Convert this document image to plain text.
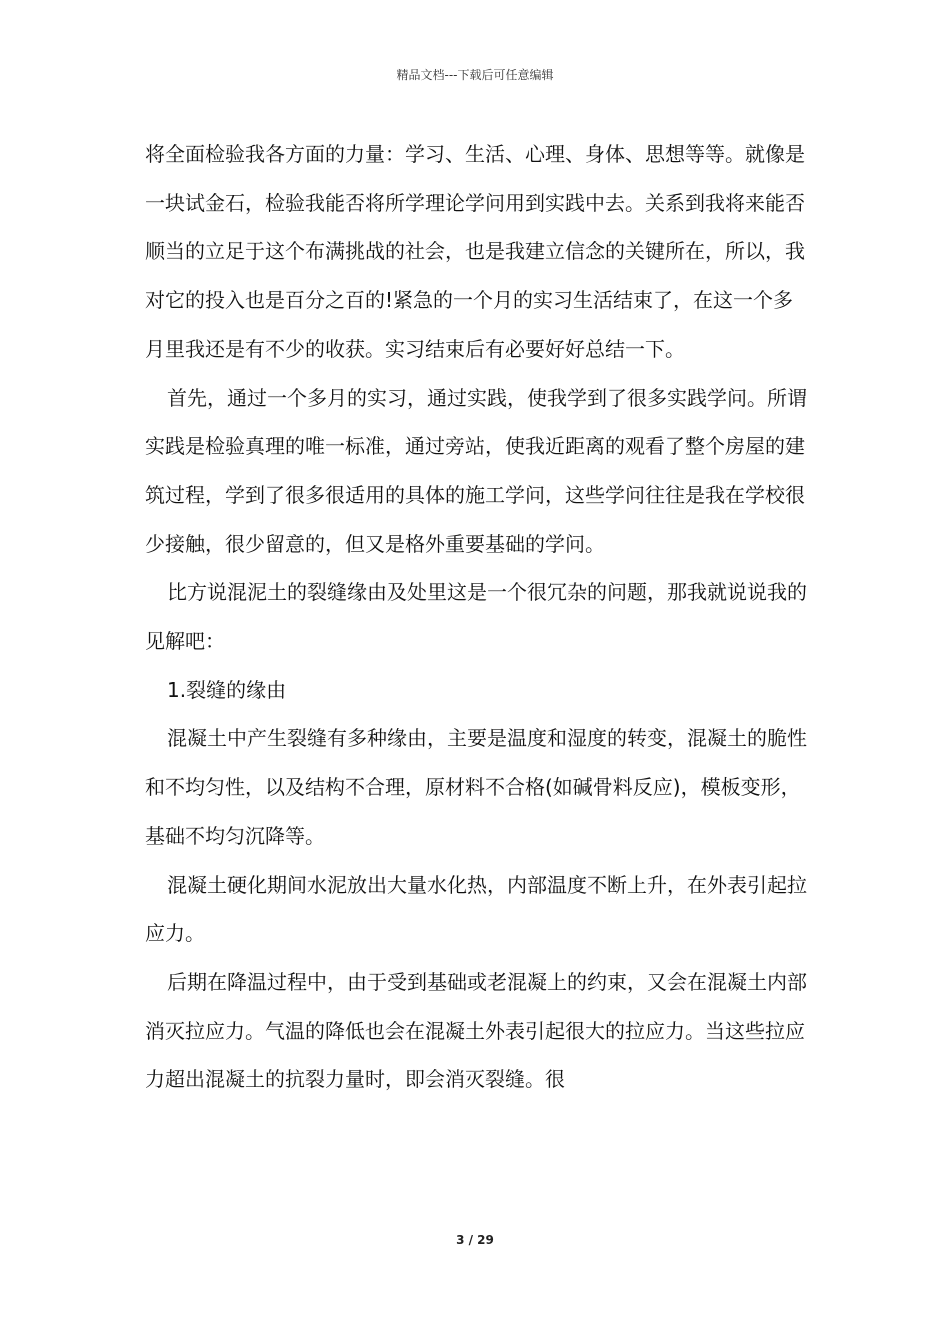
精品文档---下载后可任意编辑

将全面检验我各方面的力量：学习、生活、心理、身体、思想等等。就像是一块试金石，检验我能否将所学理论学问用到实践中去。关系到我将来能否顺当的立足于这个布满挑战的社会，也是我建立信念的关键所在，所以，我对它的投入也是百分之百的!紧急的一个月的实习生活结束了，在这一个多月里我还是有不少的收获。实习结束后有必要好好总结一下。

首先，通过一个多月的实习，通过实践，使我学到了很多实践学问。所谓实践是检验真理的唯一标准，通过旁站，使我近距离的观看了整个房屋的建筑过程，学到了很多很适用的具体的施工学问，这些学问往往是我在学校很少接触，很少留意的，但又是格外重要基础的学问。

比方说混泥土的裂缝缘由及处里这是一个很冗杂的问题，那我就说说我的见解吧：

1.裂缝的缘由

混凝土中产生裂缝有多种缘由，主要是温度和湿度的转变，混凝土的脆性和不均匀性，以及结构不合理，原材料不合格(如碱骨料反应)，模板变形，基础不均匀沉降等。

混凝土硬化期间水泥放出大量水化热，内部温度不断上升，在外表引起拉应力。

后期在降温过程中，由于受到基础或老混凝上的约束，又会在混凝土内部消灭拉应力。气温的降低也会在混凝土外表引起很大的拉应力。当这些拉应力超出混凝土的抗裂力量时，即会消灭裂缝。很

3 / 29
